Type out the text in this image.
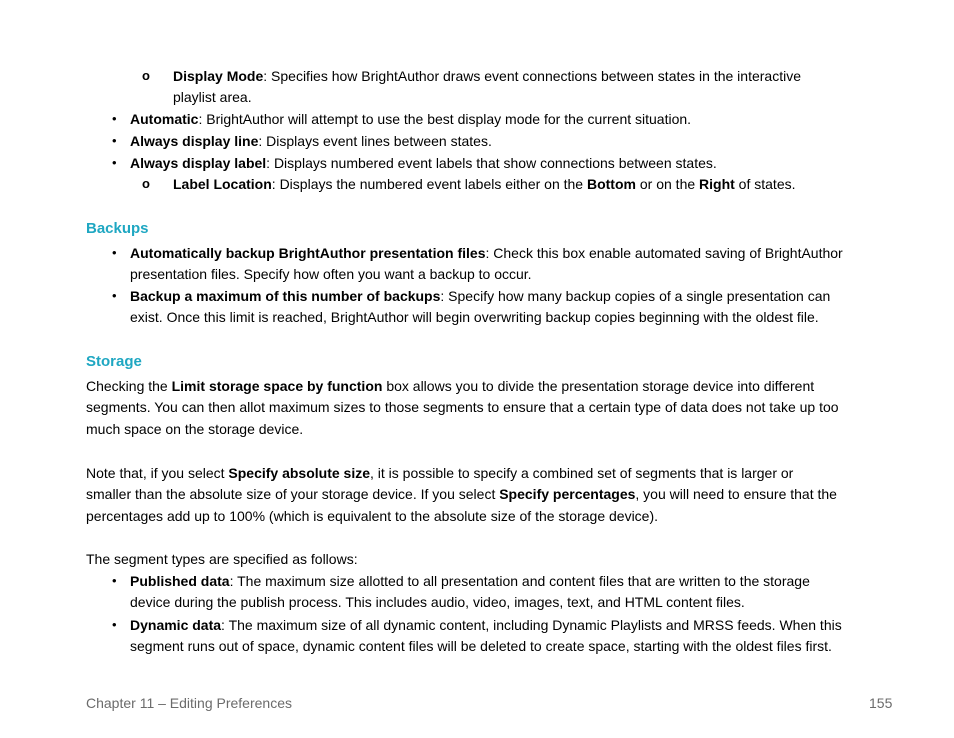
o Display Mode: Specifies how BrightAuthor draws event connections between states in the interactive
playlist area.
• Automatic: BrightAuthor will attempt to use the best display mode for the current situation.
• Always display line: Displays event lines between states.
• Always display label: Displays numbered event labels that show connections between states.
o Label Location: Displays the numbered event labels either on the Bottom or on the Right of states.
Backups
• Automatically backup BrightAuthor presentation files: Check this box enable automated saving of BrightAuthor
presentation files. Specify how often you want a backup to occur.
• Backup a maximum of this number of backups: Specify how many backup copies of a single presentation can
exist. Once this limit is reached, BrightAuthor will begin overwriting backup copies beginning with the oldest file.
Storage
Checking the Limit storage space by function box allows you to divide the presentation storage device into different
segments. You can then allot maximum sizes to those segments to ensure that a certain type of data does not take up too
much space on the storage device.
Note that, if you select Specify absolute size, it is possible to specify a combined set of segments that is larger or
smaller than the absolute size of your storage device. If you select Specify percentages, you will need to ensure that the
percentages add up to 100% (which is equivalent to the absolute size of the storage device).
The segment types are specified as follows:
• Published data: The maximum size allotted to all presentation and content files that are written to the storage
device during the publish process. This includes audio, video, images, text, and HTML content files.
• Dynamic data: The maximum size of all dynamic content, including Dynamic Playlists and MRSS feeds. When this
segment runs out of space, dynamic content files will be deleted to create space, starting with the oldest files first.
Chapter 11 – Editing Preferences	155
